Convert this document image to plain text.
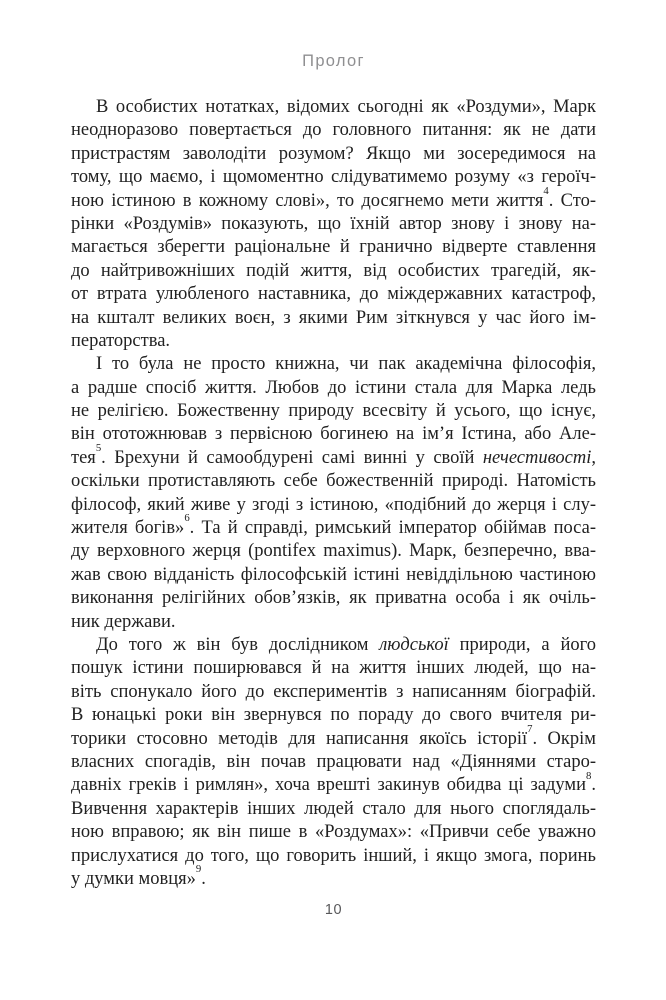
Пролог
В особистих нотатках, відомих сьогодні як «Роздуми», Марк
неодноразово повертається до головного питання: як не дати
пристрастям заволодіти розумом? Якщо ми зосередимося на
тому, що маємо, і щомоментно слідуватимемо розуму «з героїч-
ною істиною в кожному слові», то досягнемо мети життя$^4$. Сто-
рінки «Роздумів» показують, що їхній автор знову і знову на-
магається зберегти раціональне й гранично відверте ставлення
до найтривожніших подій життя, від особистих трагедій, як-
от втрата улюбленого наставника, до міждержавних катастроф,
на кшталт великих воєн, з якими Рим зіткнувся у час його ім-
ператорства.
І то була не просто книжна, чи пак академічна філософія,
а радше спосіб життя. Любов до істини стала для Марка ледь
не релігією. Божественну природу всесвіту й усього, що існує,
він ототожнював з первісною богинею на ім’я Істина, або Але-
тея$^5$. Брехуни й самообдурені самі винні у своїй нечестивості,
оскільки протиставляють себе божественній природі. Натомість
філософ, який живе у згоді з істиною, «подібний до жерця і слу-
жителя богів»$^6$. Та й справді, римський імператор обіймав поса-
ду верховного жерця (pontifex maximus). Марк, безперечно, вва-
жав свою відданість філософській істині невіддільною частиною
виконання релігійних обов’язків, як приватна особа і як очіль-
ник держави.
До того ж він був дослідником людської природи, а його
пошук істини поширювався й на життя інших людей, що на-
віть спонукало його до експериментів з написанням біографій.
В юнацькі роки він звернувся по пораду до свого вчителя ри-
торики стосовно методів для написання якоїсь історії$^7$. Окрім
власних спогадів, він почав працювати над «Діяннями старо-
давніх греків і римлян», хоча врешті закинув обидва ці задуми$^8$.
Вивчення характерів інших людей стало для нього споглядаль-
ною вправою; як він пише в «Роздумах»: «Привчи себе уважно
прислухатися до того, що говорить інший, і якщо змога, поринь
у думки мовця»$^9$.
10
